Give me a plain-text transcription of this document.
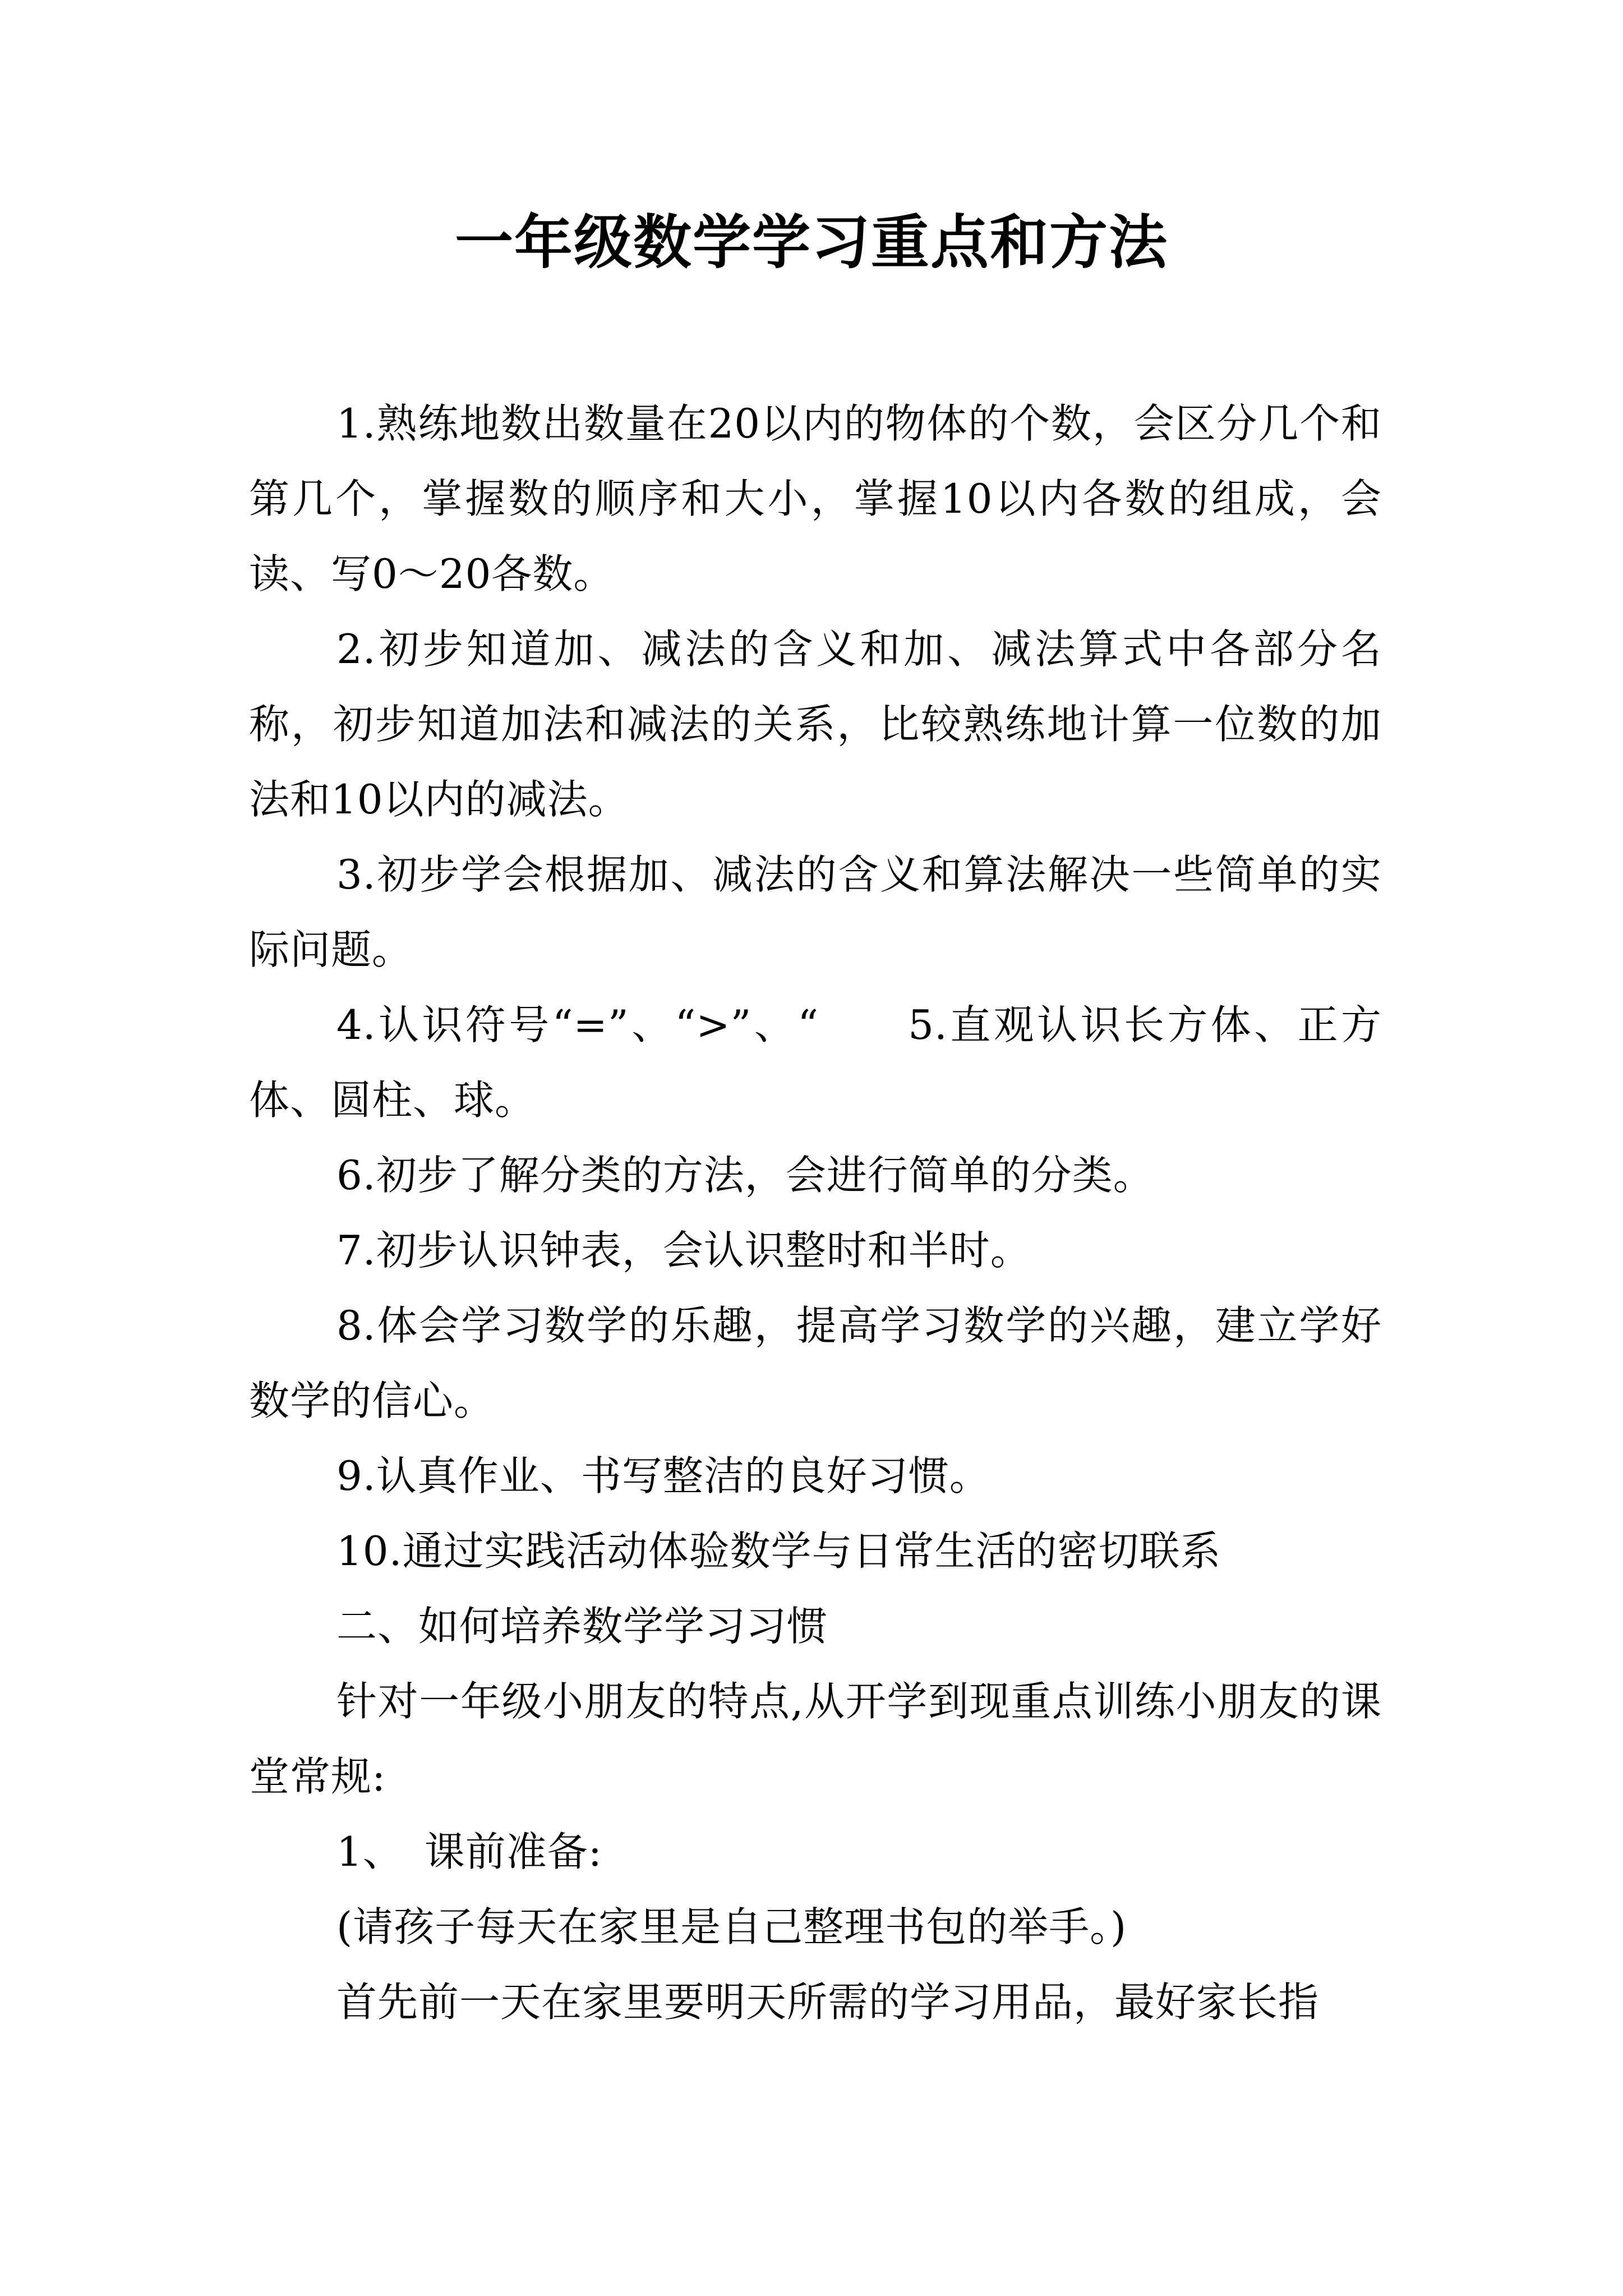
一年级数学学习重点和方法

1.熟练地数出数量在20以内的物体的个数，会区分几个和第几个，掌握数的顺序和大小，掌握10以内各数的组成，会读、写0～20各数。

2.初步知道加、减法的含义和加、减法算式中各部分名称，初步知道加法和减法的关系，比较熟练地计算一位数的加法和10以内的减法。

3.初步学会根据加、减法的含义和算法解决一些简单的实际问题。

4.认识符号“=”、“>”、“　　5.直观认识长方体、正方体、圆柱、球。

6.初步了解分类的方法，会进行简单的分类。

7.初步认识钟表，会认识整时和半时。

8.体会学习数学的乐趣，提高学习数学的兴趣，建立学好数学的信心。

9.认真作业、书写整洁的良好习惯。

10.通过实践活动体验数学与日常生活的密切联系

二、如何培养数学学习习惯

针对一年级小朋友的特点,从开学到现重点训练小朋友的课堂常规:

1、　课前准备:

(请孩子每天在家里是自己整理书包的举手。)

首先前一天在家里要明天所需的学习用品，最好家长指
